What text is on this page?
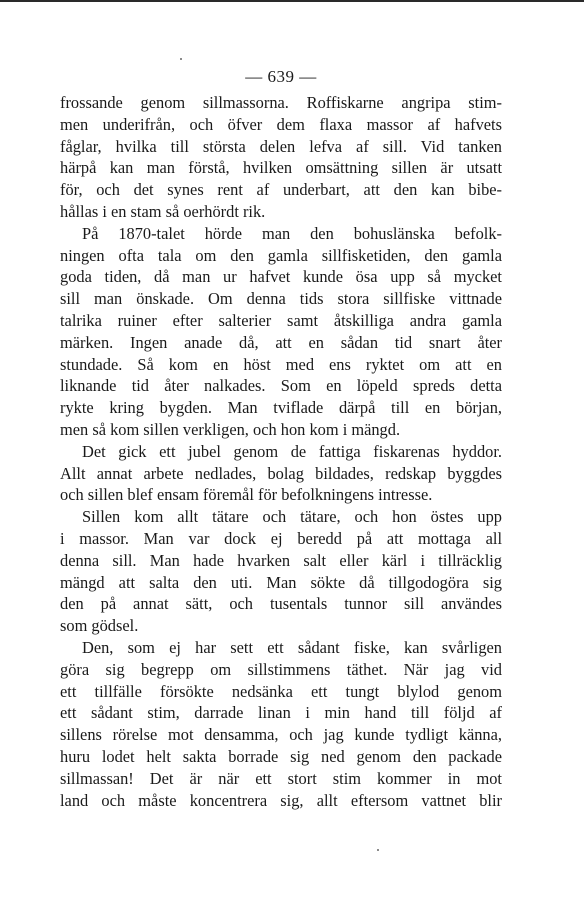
— 639 —
frossande genom sillmassorna. Roffiskarne angripa stim-
men underifrån, och öfver dem flaxa massor af hafvets
fåglar, hvilka till största delen lefva af sill. Vid tanken
härpå kan man förstå, hvilken omsättning sillen är utsatt
för, och det synes rent af underbart, att den kan bibe-
hållas i en stam så oerhördt rik.
På 1870-talet hörde man den bohuslänska befolk-
ningen ofta tala om den gamla sillfisketiden, den gamla
goda tiden, då man ur hafvet kunde ösa upp så mycket
sill man önskade. Om denna tids stora sillfiske vittnade
talrika ruiner efter salterier samt åtskilliga andra gamla
märken. Ingen anade då, att en sådan tid snart åter
stundade. Så kom en höst med ens ryktet om att en
liknande tid åter nalkades. Som en löpeld spreds detta
rykte kring bygden. Man tviflade därpå till en början,
men så kom sillen verkligen, och hon kom i mängd.
Det gick ett jubel genom de fattiga fiskarenas hyddor.
Allt annat arbete nedlades, bolag bildades, redskap byggdes
och sillen blef ensam föremål för befolkningens intresse.
Sillen kom allt tätare och tätare, och hon östes upp
i massor. Man var dock ej beredd på att mottaga all
denna sill. Man hade hvarken salt eller kärl i tillräcklig
mängd att salta den uti. Man sökte då tillgodogöra sig
den på annat sätt, och tusentals tunnor sill användes
som gödsel.
Den, som ej har sett ett sådant fiske, kan svårligen
göra sig begrepp om sillstimmens täthet. När jag vid
ett tillfälle försökte nedsänka ett tungt blylod genom
ett sådant stim, darrade linan i min hand till följd af
sillens rörelse mot densamma, och jag kunde tydligt känna,
huru lodet helt sakta borrade sig ned genom den packade
sillmassan! Det är när ett stort stim kommer in mot
land och måste koncentrera sig, allt eftersom vattnet blir
